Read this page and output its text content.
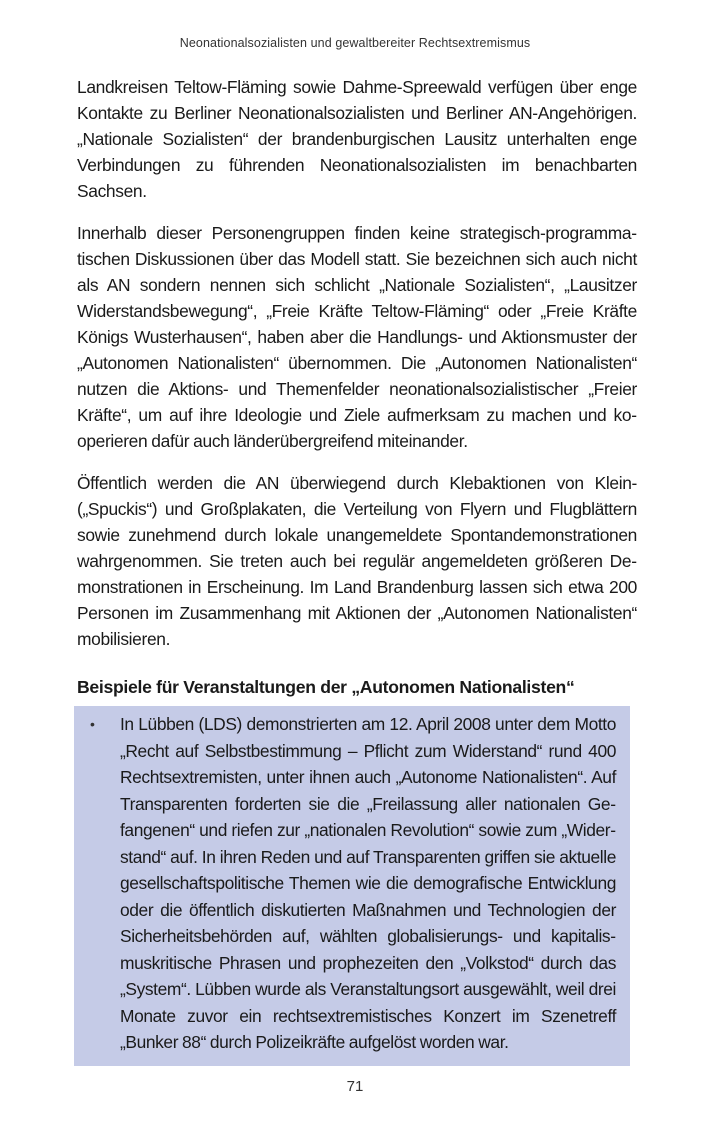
Neonationalsozialisten und gewaltbereiter Rechtsextremismus

Landkreisen Teltow-Fläming sowie Dahme-Spreewald verfügen über enge Kontakte zu Berliner Neonationalsozialisten und Berliner AN-Angehörigen. „Nationale Sozialisten“ der brandenburgischen Lausitz unterhalten enge Verbindungen zu führenden Neonationalsozialisten im benachbarten Sachsen.

Innerhalb dieser Personengruppen finden keine strategisch-programmatischen Diskussionen über das Modell statt. Sie bezeichnen sich auch nicht als AN sondern nennen sich schlicht „Nationale Sozialisten“, „Lausitzer Widerstandsbewegung“, „Freie Kräfte Teltow-Fläming“ oder „Freie Kräfte Königs Wusterhausen“, haben aber die Handlungs- und Aktionsmuster der „Autonomen Nationalisten“ übernommen. Die „Autonomen Nationalisten“ nutzen die Aktions- und Themenfelder neonationalsozialistischer „Freier Kräfte“, um auf ihre Ideologie und Ziele aufmerksam zu machen und kooperieren dafür auch länderübergreifend miteinander.

Öffentlich werden die AN überwiegend durch Klebaktionen von Klein- („Spuckis“) und Großplakaten, die Verteilung von Flyern und Flugblättern sowie zunehmend durch lokale unangemeldete Spontandemonstrationen wahrgenommen. Sie treten auch bei regulär angemeldeten größeren Demonstrationen in Erscheinung. Im Land Brandenburg lassen sich etwa 200 Personen im Zusammenhang mit Aktionen der „Autonomen Nationalisten“ mobilisieren.

Beispiele für Veranstaltungen der „Autonomen Nationalisten“
•	In Lübben (LDS) demonstrierten am 12. April 2008 unter dem Motto „Recht auf Selbstbestimmung – Pflicht zum Widerstand“ rund 400 Rechtsextremisten, unter ihnen auch „Autonome Nationalisten“. Auf Transparenten forderten sie die „Freilassung aller nationalen Gefangenen“ und riefen zur „nationalen Revolution“ sowie zum „Widerstand“ auf. In ihren Reden und auf Transparenten griffen sie aktuelle gesellschaftspolitische Themen wie die demografische Entwicklung oder die öffentlich diskutierten Maßnahmen und Technologien der Sicherheitsbehörden auf, wählten globalisierungs- und kapitalismuskritische Phrasen und prophezeiten den „Volkstod“ durch das „System“. Lübben wurde als Veranstaltungsort ausgewählt, weil drei Monate zuvor ein rechtsextremistisches Konzert im Szenetreff „Bunker 88“ durch Polizeikräfte aufgelöst worden war.
71
